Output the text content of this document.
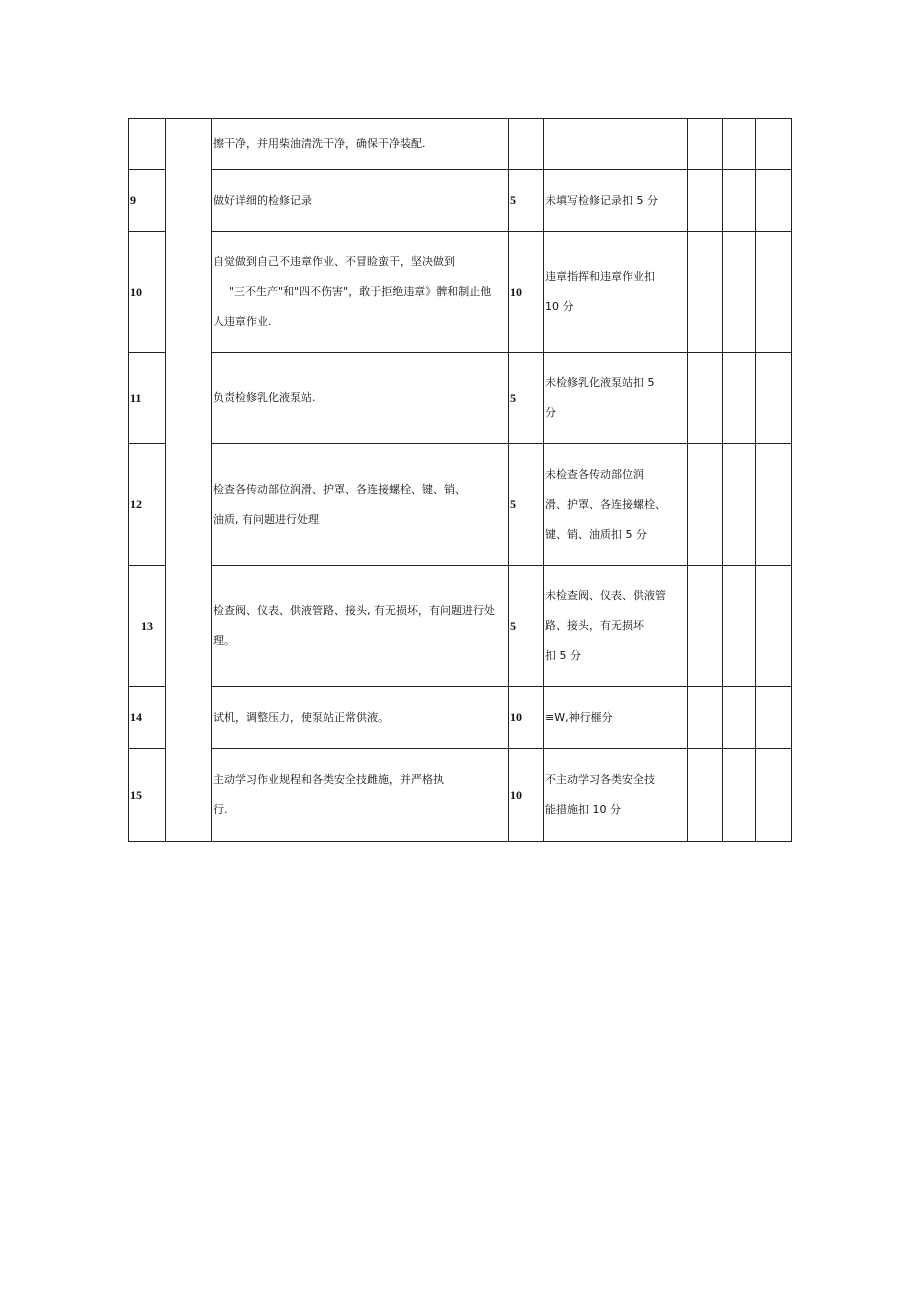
		擦干净，并用柴油清洗干净，确保干净装配.					

9		做好详细的检修记录	5	未填写检修记录扣 5 分			

10		自觉做到自己不违章作业、不冒睑蛮干，坚决做到
"三不生产"和"四不伤害"，敢于拒绝违章》髀和制止他
人违章作业.	10	违章指挥和违章作业扣
10 分			

11		负责检修乳化液泵站.	5	未检修乳化液泵站扣 5
分			

12		检查各传动部位润滑、护罩、各连接螺栓、键、销、
油质, 有问题进行处理	5	未检查各传动部位润
滑、护罩、各连接螺栓、
键、销、油质扣 5 分			

13		检查阀、仪表、供液管路、接头, 有无损坏，有问题进行处
理。	5	未检查阀、仪表、供液管
路、接头，有无损坏
扣 5 分			

14		试机，调整压力，使泵站正常供液。	10	≡W,神行榧分			

15		主动学习作业规程和各类安全技雌施，并严格执
行.	10	不主动学习各类安全技
能措施扣 10 分			
